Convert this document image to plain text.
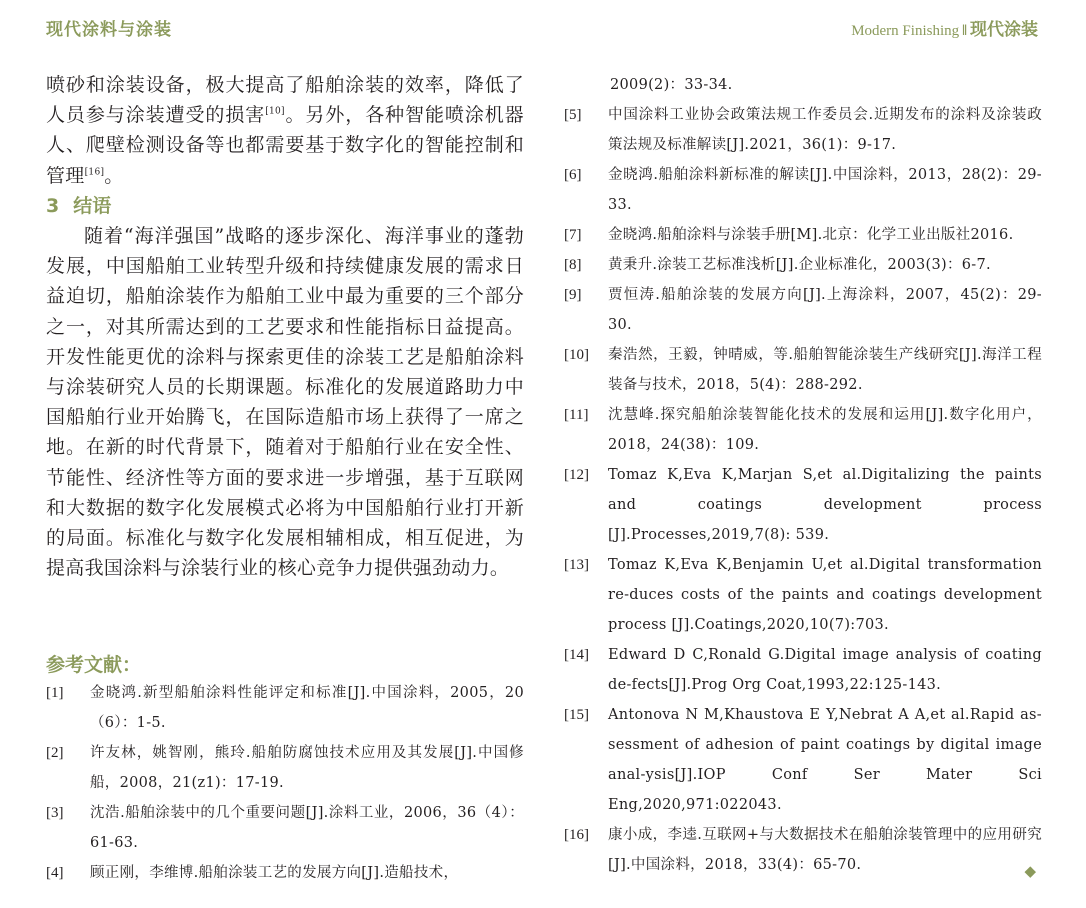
现代涂料与涂装	Modern Finishing ‖ 现代涂装

喷砂和涂装设备，极大提高了船舶涂装的效率，降低了人员参与涂装遭受的损害[10]。另外，各种智能喷涂机器人、爬壁检测设备等也都需要基于数字化的智能控制和管理[16]。

3 结语

随着“海洋强国”战略的逐步深化、海洋事业的蓬勃发展，中国船舶工业转型升级和持续健康发展的需求日益迫切，船舶涂装作为船舶工业中最为重要的三个部分之一，对其所需达到的工艺要求和性能指标日益提高。开发性能更优的涂料与探索更佳的涂装工艺是船舶涂料与涂装研究人员的长期课题。标准化的发展道路助力中国船舶行业开始腾飞，在国际造船市场上获得了一席之地。在新的时代背景下，随着对于船舶行业在安全性、节能性、经济性等方面的要求进一步增强，基于互联网和大数据的数字化发展模式必将为中国船舶行业打开新的局面。标准化与数字化发展相辅相成，相互促进，为提高我国涂料与涂装行业的核心竞争力提供强劲动力。

参考文献：
[1]	金晓鸿.新型船舶涂料性能评定和标准[J].中国涂料，2005，20（6）：1-5.
[2]	许友林，姚智刚，熊玲.船舶防腐蚀技术应用及其发展[J].中国修船，2008，21(z1)：17-19.
[3]	沈浩.船舶涂装中的几个重要问题[J].涂料工业，2006，36（4）：61-63.
[4]	顾正刚，李维博.船舶涂装工艺的发展方向[J].造船技术，
2009(2)：33-34.
[5]	中国涂料工业协会政策法规工作委员会.近期发布的涂料及涂装政策法规及标准解读[J].2021，36(1)：9-17.
[6]	金晓鸿.船舶涂料新标准的解读[J].中国涂料，2013，28(2)：29-33.
[7]	金晓鸿.船舶涂料与涂装手册[M].北京：化学工业出版社2016.
[8]	黄秉升.涂装工艺标准浅析[J].企业标准化，2003(3)：6-7.
[9]	贾恒涛.船舶涂装的发展方向[J].上海涂料，2007，45(2)：29-30.
[10]	秦浩然，王毅，钟晴威，等.船舶智能涂装生产线研究[J].海洋工程装备与技术，2018，5(4)：288-292.
[11]	沈慧峰.探究船舶涂装智能化技术的发展和运用[J].数字化用户，2018，24(38)：109.
[12]	Tomaz K,Eva K,Marjan S,et al.Digitalizing the paints and coatings development process [J].Processes,2019,7(8): 539.
[13]	Tomaz K,Eva K,Benjamin U,et al.Digital transformation re-duces costs of the paints and coatings development process [J].Coatings,2020,10(7):703.
[14]	Edward D C,Ronald G.Digital image analysis of coating de-fects[J].Prog Org Coat,1993,22:125-143.
[15]	Antonova N M,Khaustova E Y,Nebrat A A,et al.Rapid as-sessment of adhesion of paint coatings by digital image anal-ysis[J].IOP Conf Ser Mater Sci Eng,2020,971:022043.
[16]	康小成，李逵.互联网+与大数据技术在船舶涂装管理中的应用研究[J].中国涂料，2018，33(4)：65-70.	◆
